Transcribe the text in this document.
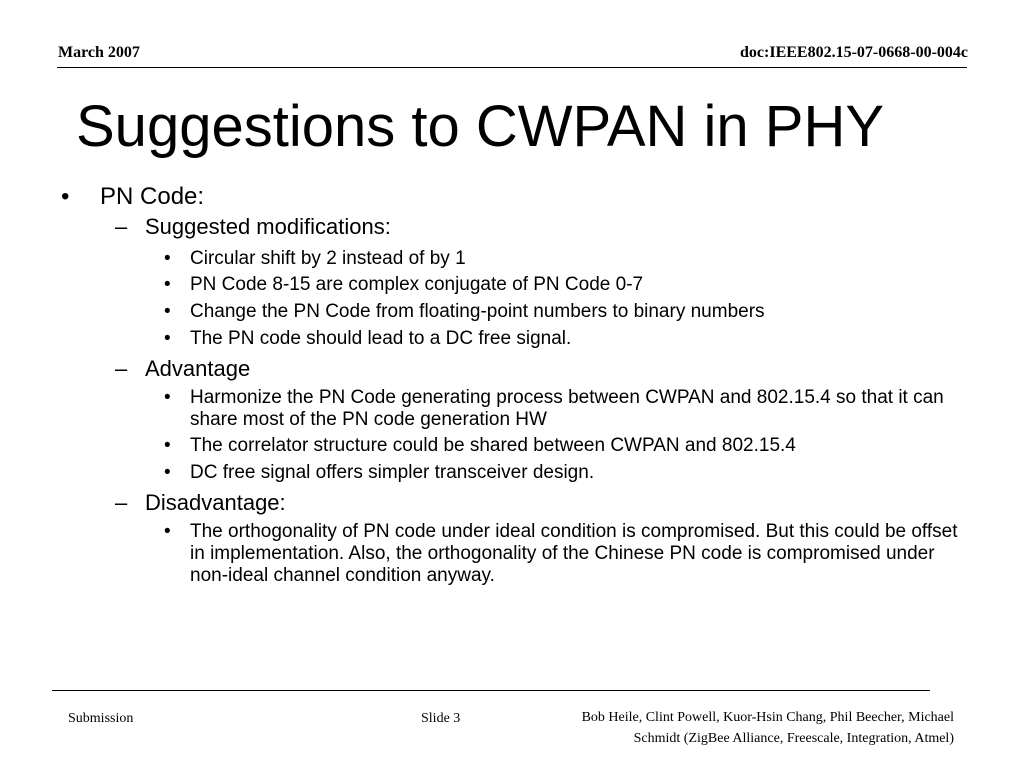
March 2007	doc:IEEE802.15-07-0668-00-004c
Suggestions to CWPAN in PHY
• PN Code:
– Suggested modifications:
• Circular shift by 2 instead of by 1
• PN Code 8-15 are complex conjugate of PN Code 0-7
• Change the PN Code from floating-point numbers to binary numbers
• The PN code should lead to a DC free signal.
– Advantage
• Harmonize the PN Code generating process between CWPAN and 802.15.4 so that it can share most of the PN code generation HW
• The correlator structure could be shared between CWPAN and 802.15.4
• DC free signal offers simpler transceiver design.
– Disadvantage:
• The orthogonality of PN code under ideal condition is compromised. But this could be offset in implementation. Also, the orthogonality of the Chinese PN code is compromised under non-ideal channel condition anyway.
Submission	Slide 3	Bob Heile, Clint Powell, Kuor-Hsin Chang, Phil Beecher, Michael
Schmidt (ZigBee Alliance, Freescale, Integration, Atmel)
